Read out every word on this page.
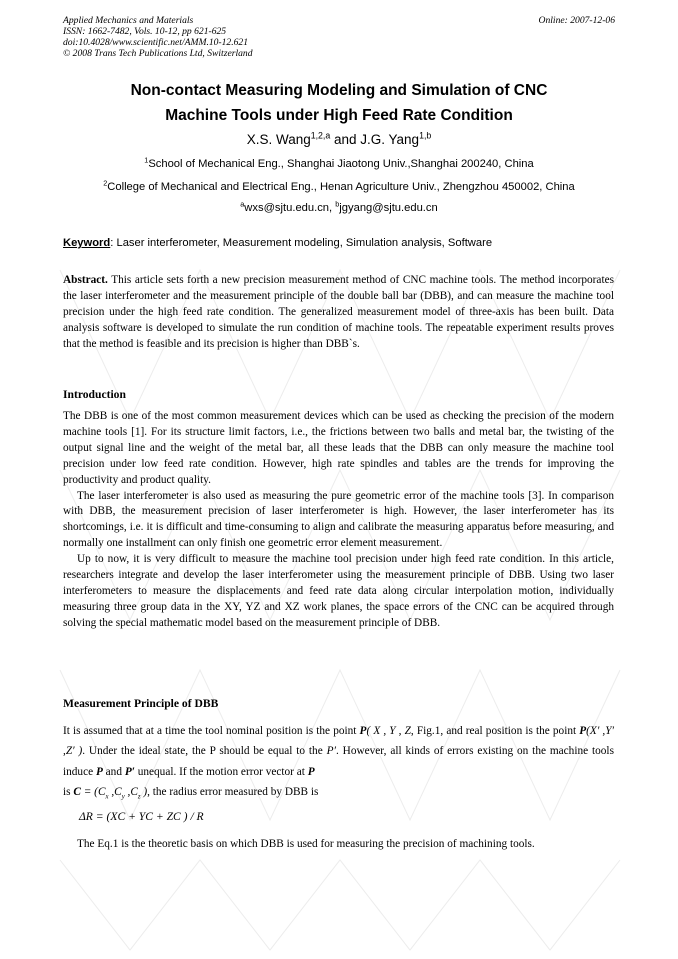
Applied Mechanics and Materials
ISSN: 1662-7482, Vols. 10-12, pp 621-625
doi:10.4028/www.scientific.net/AMM.10-12.621
© 2008 Trans Tech Publications Ltd, Switzerland
Online: 2007-12-06
Non-contact Measuring Modeling and Simulation of CNC
Machine Tools under High Feed Rate Condition
X.S. Wang$^{1,2,a}$ and J.G. Yang$^{1,b}$
$^1$School of Mechanical Eng., Shanghai Jiaotong Univ.,Shanghai 200240, China
$^2$College of Mechanical and Electrical Eng., Henan Agriculture Univ., Zhengzhou 450002, China
$^a$wxs@sjtu.edu.cn, $^b$jgyang@sjtu.edu.cn
Keyword: Laser interferometer, Measurement modeling, Simulation analysis, Software
Abstract. This article sets forth a new precision measurement method of CNC machine tools. The method incorporates the laser interferometer and the measurement principle of the double ball bar (DBB), and can measure the machine tool precision under the high feed rate condition. The generalized measurement model of three-axis has been built. Data analysis software is developed to simulate the run condition of machine tools. The repeatable experiment results proves that the method is feasible and its precision is higher than DBB`s.
Introduction
The DBB is one of the most common measurement devices which can be used as checking the precision of the modern machine tools [1]. For its structure limit factors, i.e., the frictions between two balls and metal bar, the twisting of the output signal line and the weight of the metal bar, all these leads that the DBB can only measure the machine tool precision under low feed rate condition. However, high rate spindles and tables are the trends for improving the productivity and product quality.
The laser interferometer is also used as measuring the pure geometric error of the machine tools [3]. In comparison with DBB, the measurement precision of laser interferometer is high. However, the laser interferometer has its shortcomings, i.e. it is difficult and time-consuming to align and calibrate the measuring apparatus before measuring, and normally one installment can only finish one geometric error element measurement.
Up to now, it is very difficult to measure the machine tool precision under high feed rate condition. In this article, researchers integrate and develop the laser interferometer using the measurement principle of DBB. Using two laser interferometers to measure the displacements and feed rate data along circular interpolation motion, individually measuring three group data in the XY, YZ and XZ work planes, the space errors of the CNC can be acquired through solving the special mathematic model based on the measurement principle of DBB.
Measurement Principle of DBB
It is assumed that at a time the tool nominal position is the point P( X , Y , Z, Fig.1, and real position is the point P(X′ ,Y′ ,Z′ ). Under the ideal state, the P should be equal to the P′. However, all kinds of errors existing on the machine tools induce P and P′ unequal. If the motion error vector at P
is $C = (C_x$ $,C_y$ $,C_z$ ), the radius error measured by DBB is
ΔR = (XC + YC + ZC ) / R
The Eq.1 is the theoretic basis on which DBB is used for measuring the precision of machining tools.
